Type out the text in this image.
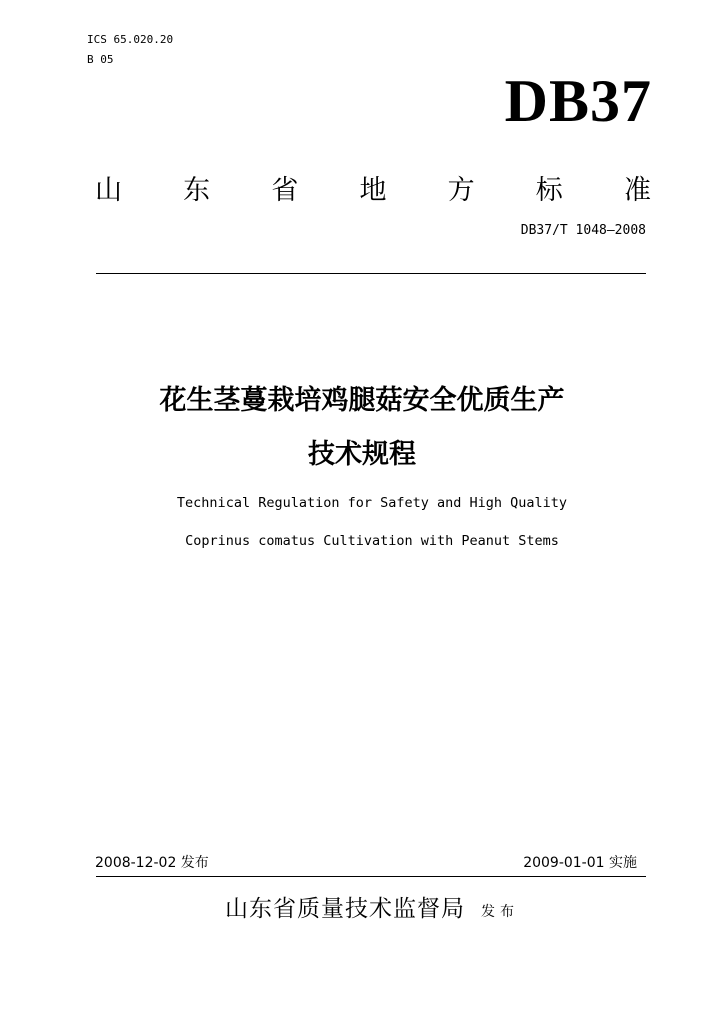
ICS 65.020.20
B 05
DB37
山 东 省 地 方 标 准
DB37/T 1048—2008
花生茎蔓栽培鸡腿菇安全优质生产
技术规程
Technical Regulation for Safety and High Quality
Coprinus comatus Cultivation with Peanut Stems
2008-12-02 发布	2009-01-01 实施
山东省质量技术监督局 发布
